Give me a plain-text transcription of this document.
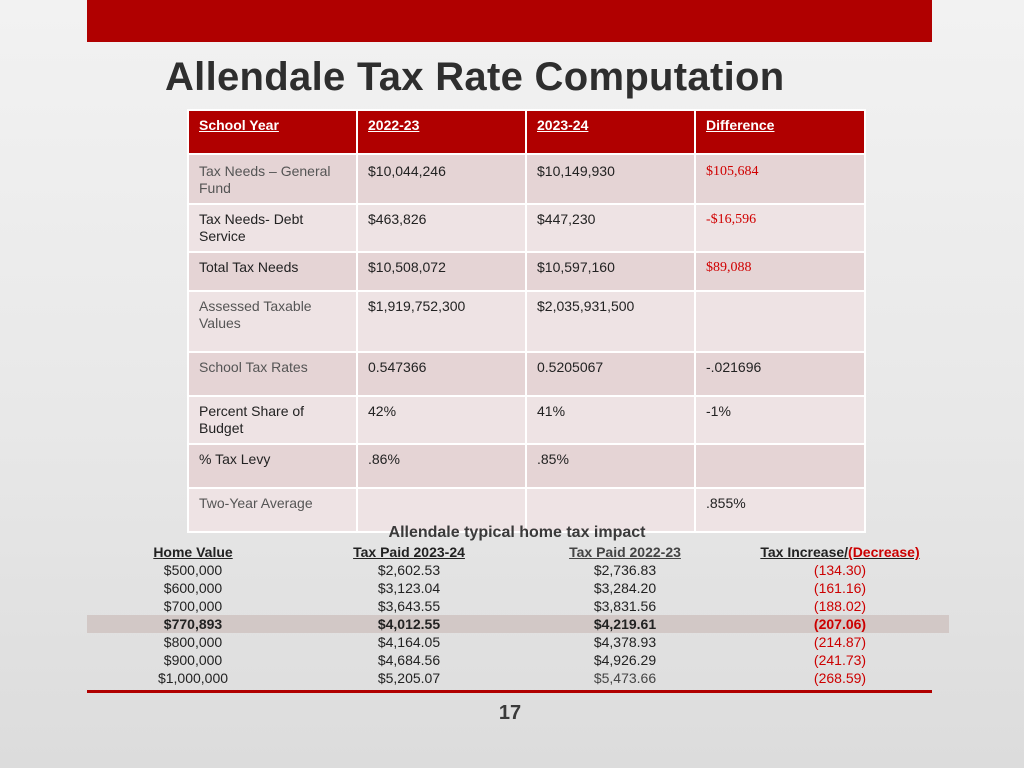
Allendale Tax Rate Computation
School Year	2022-23	2023-24	Difference
Tax Needs – General Fund	$10,044,246	$10,149,930	$105,684
Tax Needs- Debt Service	$463,826	$447,230	-$16,596
Total Tax Needs	$10,508,072	$10,597,160	$89,088
Assessed Taxable Values	$1,919,752,300	$2,035,931,500	
School Tax Rates	0.547366	0.5205067	-.021696
Percent Share of Budget	42%	41%	-1%
% Tax Levy	.86%	.85%	
Two-Year Average			.855%
Allendale typical home tax impact
Home Value	Tax Paid 2023-24	Tax Paid 2022-23	Tax Increase/(Decrease)
$500,000	$2,602.53	$2,736.83	(134.30)
$600,000	$3,123.04	$3,284.20	(161.16)
$700,000	$3,643.55	$3,831.56	(188.02)
$770,893	$4,012.55	$4,219.61	(207.06)
$800,000	$4,164.05	$4,378.93	(214.87)
$900,000	$4,684.56	$4,926.29	(241.73)
$1,000,000	$5,205.07	$5,473.66	(268.59)
17
